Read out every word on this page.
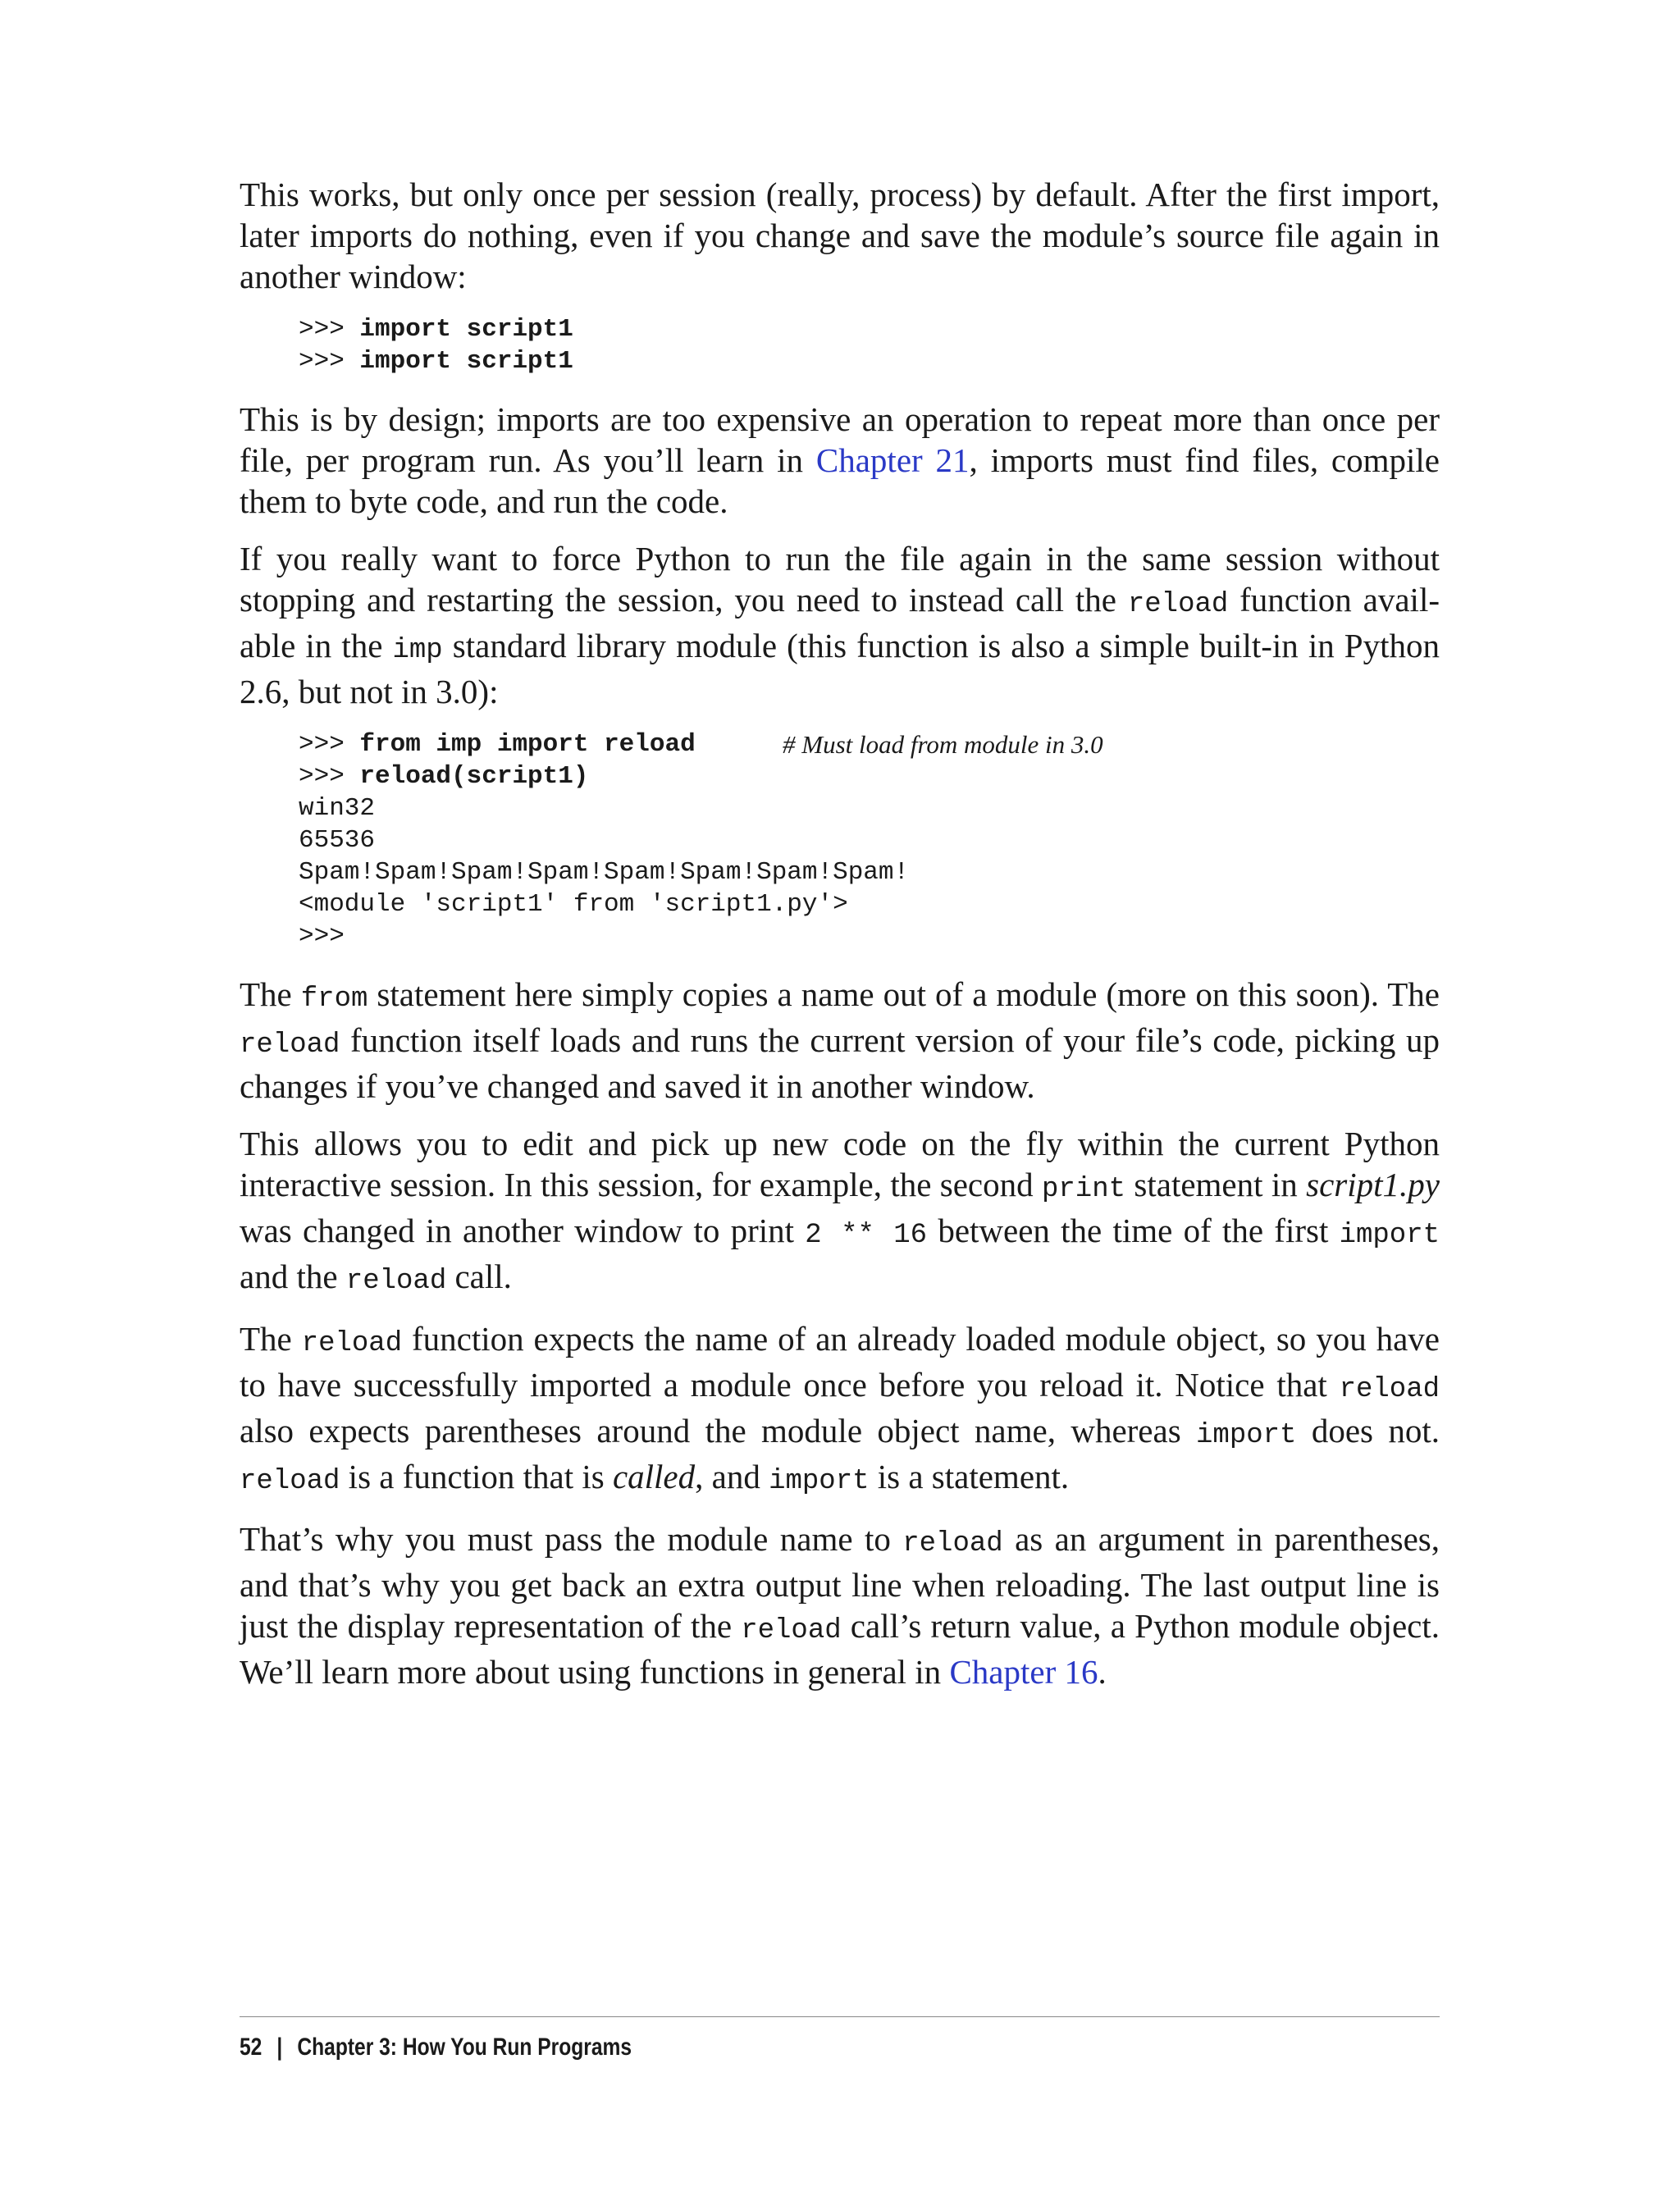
This works, but only once per session (really, process) by default. After the first import, later imports do nothing, even if you change and save the module’s source file again in another window:

>>> import script1
>>> import script1

This is by design; imports are too expensive an operation to repeat more than once per file, per program run. As you’ll learn in Chapter 21, imports must find files, compile them to byte code, and run the code.

If you really want to force Python to run the file again in the same session without stopping and restarting the session, you need to instead call the reload function available in the imp standard library module (this function is also a simple built-in in Python 2.6, but not in 3.0):

>>> from imp import reload	# Must load from module in 3.0
>>> reload(script1)
win32
65536
Spam!Spam!Spam!Spam!Spam!Spam!Spam!Spam!
<module 'script1' from 'script1.py'>
>>>

The from statement here simply copies a name out of a module (more on this soon). The reload function itself loads and runs the current version of your file’s code, picking up changes if you’ve changed and saved it in another window.

This allows you to edit and pick up new code on the fly within the current Python interactive session. In this session, for example, the second print statement in script1.py was changed in another window to print 2 ** 16 between the time of the first import and the reload call.

The reload function expects the name of an already loaded module object, so you have to have successfully imported a module once before you reload it. Notice that reload also expects parentheses around the module object name, whereas import does not. reload is a function that is called, and import is a statement.

That’s why you must pass the module name to reload as an argument in parentheses, and that’s why you get back an extra output line when reloading. The last output line is just the display representation of the reload call’s return value, a Python module object. We’ll learn more about using functions in general in Chapter 16.

52 | Chapter 3: How You Run Programs
